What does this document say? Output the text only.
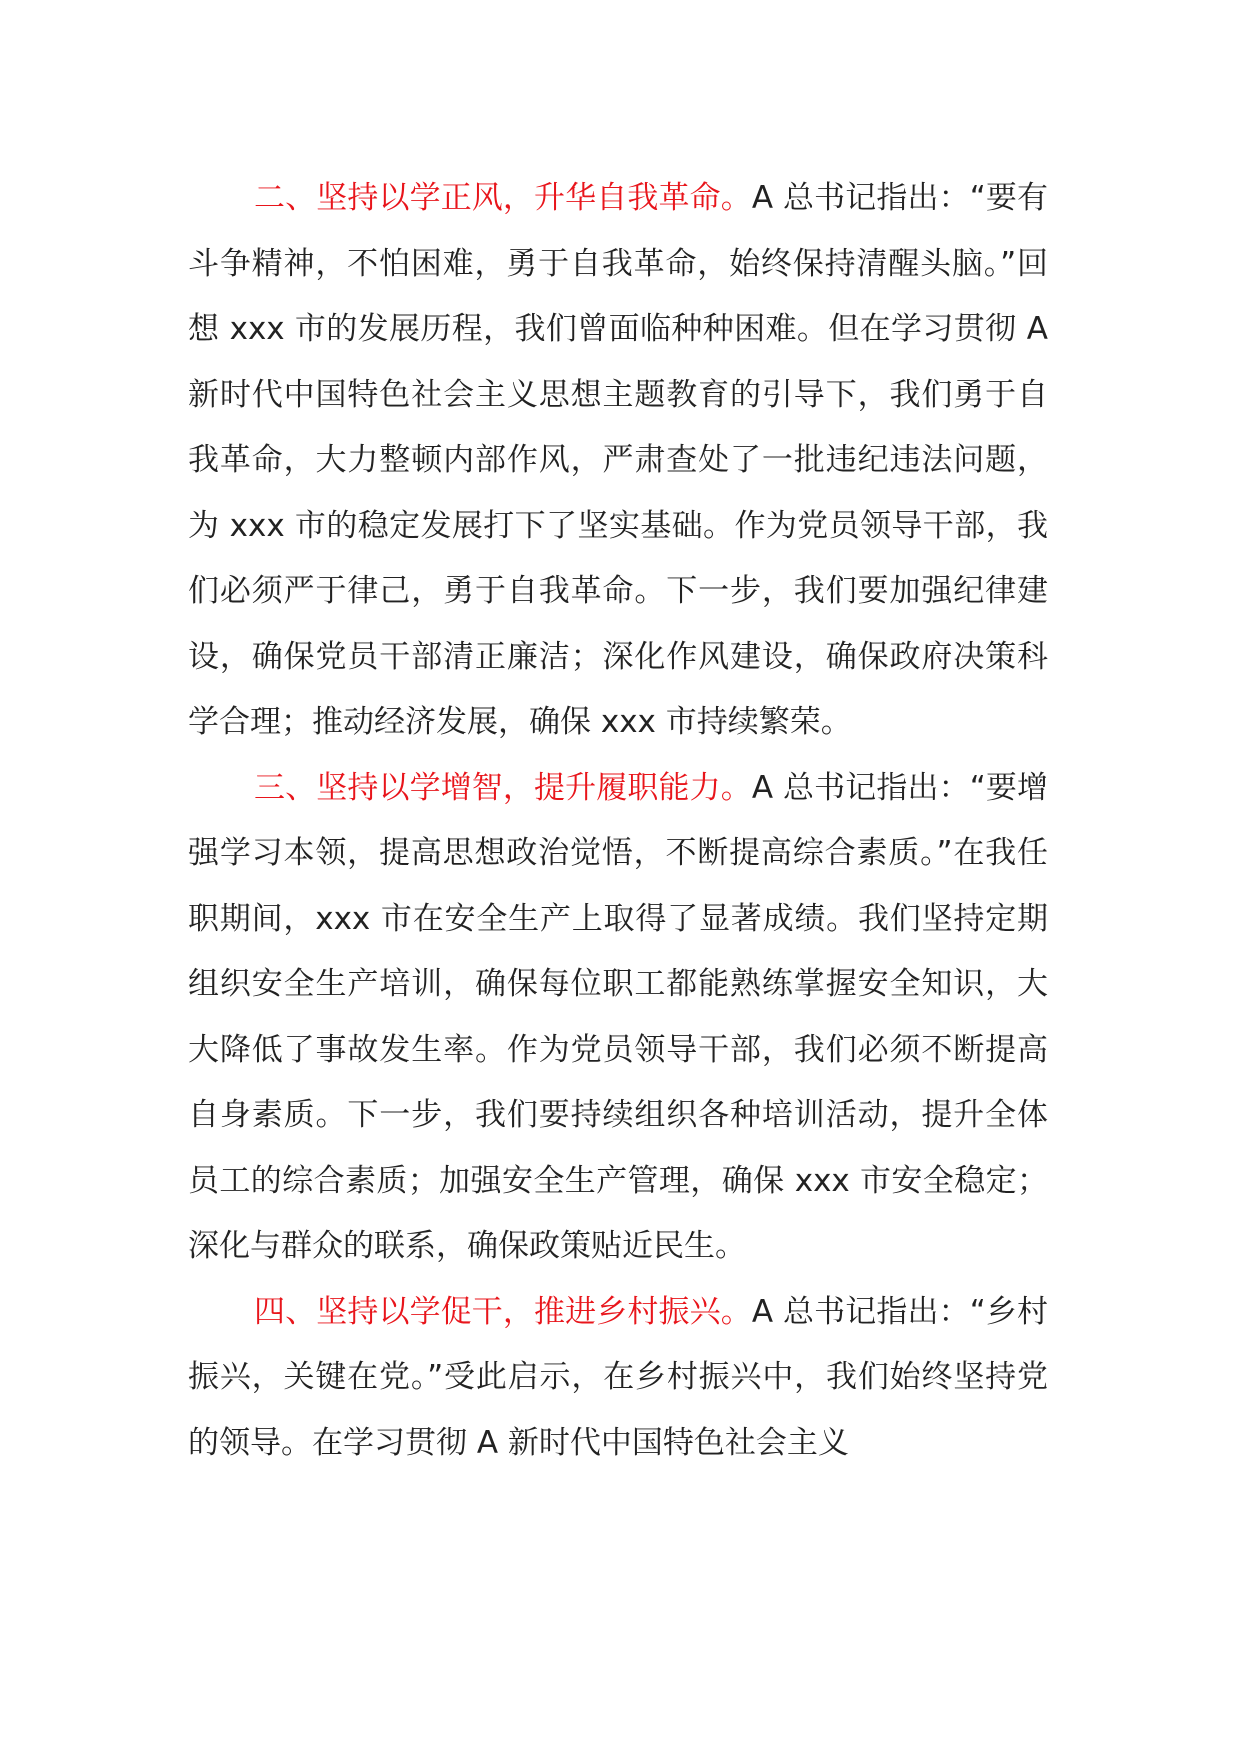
二、坚持以学正风，升华自我革命。A 总书记指出：“要有斗争精神，不怕困难，勇于自我革命，始终保持清醒头脑。”回想 xxx 市的发展历程，我们曾面临种种困难。但在学习贯彻 A 新时代中国特色社会主义思想主题教育的引导下，我们勇于自我革命，大力整顿内部作风，严肃查处了一批违纪违法问题，为 xxx 市的稳定发展打下了坚实基础。作为党员领导干部，我们必须严于律己，勇于自我革命。下一步，我们要加强纪律建设，确保党员干部清正廉洁；深化作风建设，确保政府决策科学合理；推动经济发展，确保 xxx 市持续繁荣。

三、坚持以学增智，提升履职能力。A 总书记指出：“要增强学习本领，提高思想政治觉悟，不断提高综合素质。”在我任职期间，xxx 市在安全生产上取得了显著成绩。我们坚持定期组织安全生产培训，确保每位职工都能熟练掌握安全知识，大大降低了事故发生率。作为党员领导干部，我们必须不断提高自身素质。下一步，我们要持续组织各种培训活动，提升全体员工的综合素质；加强安全生产管理，确保 xxx 市安全稳定；深化与群众的联系，确保政策贴近民生。

四、坚持以学促干，推进乡村振兴。A 总书记指出：“乡村振兴，关键在党。”受此启示，在乡村振兴中，我们始终坚持党的领导。在学习贯彻 A 新时代中国特色社会主义
